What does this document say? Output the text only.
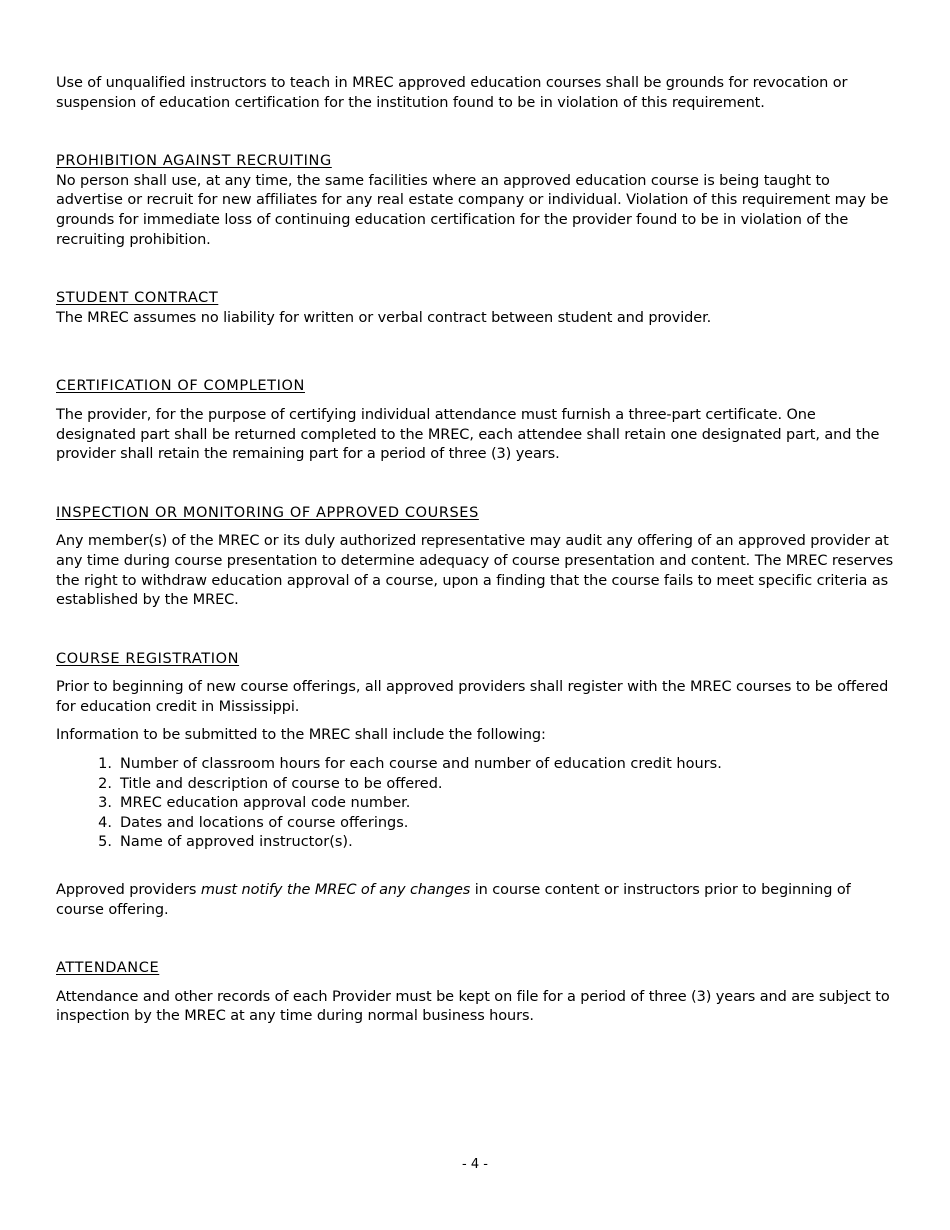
Use of unqualified instructors to teach in MREC approved education courses shall be grounds for revocation or suspension of education certification for the institution found to be in violation of this requirement.

PROHIBITION AGAINST RECRUITING

No person shall use, at any time, the same facilities where an approved education course is being taught to advertise or recruit for new affiliates for any real estate company or individual. Violation of this requirement may be grounds for immediate loss of continuing education certification for the provider found to be in violation of the recruiting prohibition.

STUDENT CONTRACT

The MREC assumes no liability for written or verbal contract between student and provider.

CERTIFICATION OF COMPLETION

The provider, for the purpose of certifying individual attendance must furnish a three-part certificate. One designated part shall be returned completed to the MREC, each attendee shall retain one designated part, and the provider shall retain the remaining part for a period of three (3) years.

INSPECTION OR MONITORING OF APPROVED COURSES

Any member(s) of the MREC or its duly authorized representative may audit any offering of an approved provider at any time during course presentation to determine adequacy of course presentation and content. The MREC reserves the right to withdraw education approval of a course, upon a finding that the course fails to meet specific criteria as established by the MREC.

COURSE REGISTRATION

Prior to beginning of new course offerings, all approved providers shall register with the MREC courses to be offered for education credit in Mississippi.

Information to be submitted to the MREC shall include the following:

1. Number of classroom hours for each course and number of education credit hours.
2. Title and description of course to be offered.
3. MREC education approval code number.
4. Dates and locations of course offerings.
5. Name of approved instructor(s).

Approved providers must notify the MREC of any changes in course content or instructors prior to beginning of course offering.

ATTENDANCE

Attendance and other records of each Provider must be kept on file for a period of three (3) years and are subject to inspection by the MREC at any time during normal business hours.

- 4 -
